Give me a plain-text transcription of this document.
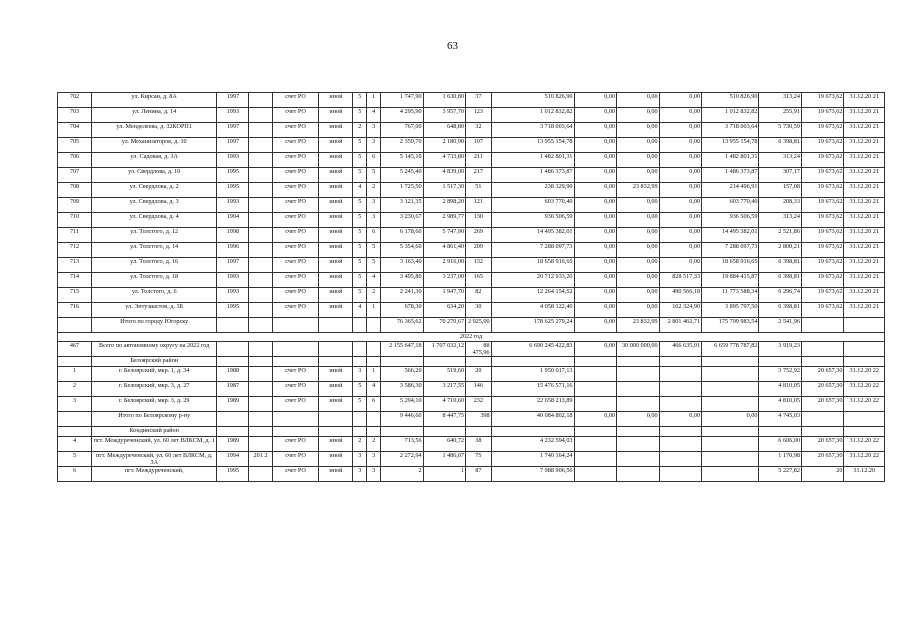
63
702	ул. Кирсан, д. 8А	1997		счет РО	иной	5	1	1 747,90	1 630,80	37	510 826,90	0,00	0,00	0,00	510 826,90	313,24	19 673,62	31.12.20 21
703	ул. Ленина, д. 14	1993		счет РО	иной	5	4	4 295,90	3 957,70	123	1 012 832,82	0,00	0,00	0,00	1 012 832,82	255,91	19 673,62	31.12.20 21
704	ул. Менделеева, д. 32КОРП1	1997		счет РО	иной	2	3	767,00	648,80	32	3 718 003,64	0,00	0,00	0,00	3 718 003,64	5 730,59	19 673,62	31.12.20 21
705	ул. Механизаторов, д. 10	1997		счет РО	иной	5	3	2 359,70	2 180,90	107	13 955 154,78	0,00	0,00	0,00	13 955 154,78	6 398,81	19 673,62	31.12.20 21
706	ул. Садовая, д. 3А	1993		счет РО	иной	5	6	5 145,10	4 733,80	211	1 482 801,31	0,00	0,00	0,00	1 482 801,31	313,24	19 673,62	31.12.20 21
707	ул. Свердлова, д. 10	1995		счет РО	иной	5	5	5 245,40	4 839,00	217	1 486 373,87	0,00	0,00	0,00	1 486 373,87	307,17	19 673,62	31.12.20 21
708	ул. Свердлова, д. 2	1995		счет РО	иной	4	2	1 725,50	1 517,30	51	238 329,90	0,00	23 832,99	0,00	214 496,91	157,08	19 673,62	31.12.20 21
709	ул. Свердлова, д. 3	1993		счет РО	иной	5	3	3 121,35	2 898,20	121	603 770,40	0,00	0,00	0,00	603 770,40	208,33	19 673,62	31.12.20 21
710	ул. Свердлова, д. 4	1994		счет РО	иной	5	3	3 230,67	2 989,77	130	936 506,59	0,00	0,00	0,00	936 506,59	313,24	19 673,62	31.12.20 21
711	ул. Толстого, д. 12	1998		счет РО	иной	5	6	6 178,60	5 747,90	269	14 495 382,01	0,00	0,00	0,00	14 495 382,01	2 521,86	19 673,62	31.12.20 21
712	ул. Толстого, д. 14	1996		счет РО	иной	5	5	5 354,60	4 861,40	209	7 288 097,73	0,00	0,00	0,00	7 288 097,73	2 800,21	19 673,62	31.12.20 21
713	ул. Толстого, д. 16	1997		счет РО	иной	5	5	3 163,40	2 916,00	132	18 658 916,65	0,00	0,00	0,00	18 658 916,65	6 398,81	19 673,62	31.12.20 21
714	ул. Толстого, д. 18	1993		счет РО	иной	5	4	3 495,80	3 237,00	165	20 712 933,20	0,00	0,00	828 517,33	19 884 415,87	6 398,81	19 673,62	31.12.20 21
715	ул. Толстого, д. 6	1993		счет РО	иной	5	2	2 241,30	1 947,70	82	12 264 154,52	0,00	0,00	490 566,18	11 773 588,34	6 296,74	19 673,62	31.12.20 21
716	ул. Энтузиастов, д. 3Б	1995		счет РО	иной	4	1	678,30	634,20	30	4 058 122,40	0,00	0,00	162 324,90	3 895 797,50	6 398,81	19 673,62	31.12.20 21
	Итого по городу Югорску							76 365,62	70 270,67	2 925,00	178 625 279,24	0,00	23 832,99	2 801 462,71	175 799 983,54	2 541,96		
2022 год																		
467	Всего по автономному округу на 2022 год							2 155 647,18	1 707 032,12	88 475,96	6 690 245 422,83	0,00	30 000 000,00	466 635,01	6 659 778 787,82	3 919,23		
	Белоярский район																	
1	г. Белоярский, мкр. 1, д. 34	1988		счет РО	иной	3	1	566,20	519,60	20	1 950 017,13					3 752,92	20 657,30	31.12.20 22
2	г. Белоярский, мкр. 3, д. 27	1987		счет РО	иной	5	4	3 586,30	3 217,55	146	15 476 571,16					4 810,05	20 657,30	31.12.20 22
3	г. Белоярский, мкр. 3, д. 29	1989		счет РО	иной	5	6	5 294,10	4 710,60	232	22 658 213,89					4 810,05	20 657,30	31.12.20 22
	Итого по Белоярскому р-ну							9 446,60	8 447,75	398	40 084 802,18	0,00	0,00	0,00	0,00	4 745,03		
	Кондинский район																	
4	пгт. Междуреченский, ул. 60 лет ВЛКСМ, д. 1	1989		счет РО	иной	2	2	713,56	640,72	38	4 232 594,03					6 606,00	20 657,30	31.12.20 22
5	пгт. Междуреченский, ул. 60 лет ВЛКСМ, д. 3А	1994	201 2	счет РО	иной	3	3	2 272,94	1 486,07	75	1 740 164,24					1 170,98	20 657,30	31.12.20 22
6	пгт. Междуреченский,	1995		счет РО	иной	3	3	2	1	87	7 988 906,56					5 227,82	20	31.12.20
